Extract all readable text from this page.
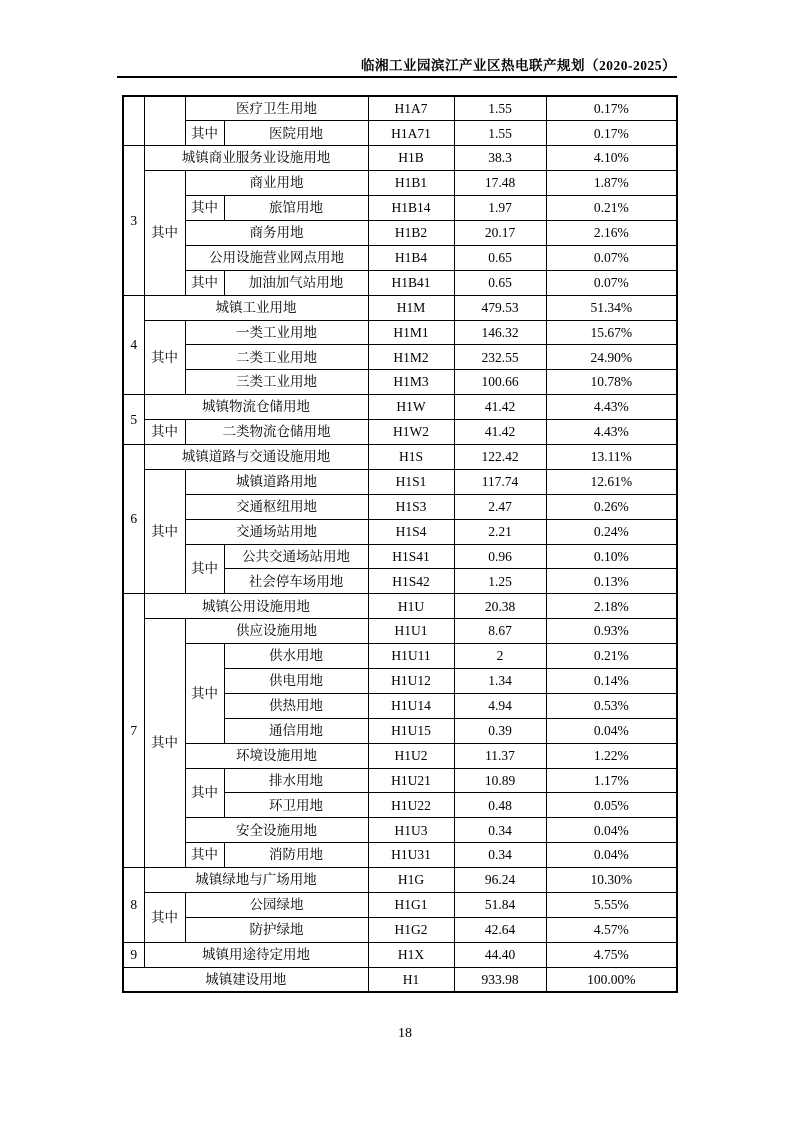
临湘工业园滨江产业区热电联产规划（2020-2025）
		医疗卫生用地		H1A7	1.55	0.17%
		其中	医院用地	H1A71	1.55	0.17%
3	城镇商业服务业设施用地			H1B	38.3	4.10%
	其中	商业用地		H1B1	17.48	1.87%
		其中	旅馆用地	H1B14	1.97	0.21%
		商务用地		H1B2	20.17	2.16%
		公用设施营业网点用地		H1B4	0.65	0.07%
		其中	加油加气站用地	H1B41	0.65	0.07%
4	城镇工业用地			H1M	479.53	51.34%
	其中	一类工业用地		H1M1	146.32	15.67%
		二类工业用地		H1M2	232.55	24.90%
		三类工业用地		H1M3	100.66	10.78%
5	城镇物流仓储用地			H1W	41.42	4.43%
	其中	二类物流仓储用地		H1W2	41.42	4.43%
6	城镇道路与交通设施用地			H1S	122.42	13.11%
	其中	城镇道路用地		H1S1	117.74	12.61%
		交通枢纽用地		H1S3	2.47	0.26%
		交通场站用地		H1S4	2.21	0.24%
		其中	公共交通场站用地	H1S41	0.96	0.10%
			社会停车场用地	H1S42	1.25	0.13%
7	城镇公用设施用地			H1U	20.38	2.18%
	其中	供应设施用地		H1U1	8.67	0.93%
		其中	供水用地	H1U11	2	0.21%
			供电用地	H1U12	1.34	0.14%
			供热用地	H1U14	4.94	0.53%
			通信用地	H1U15	0.39	0.04%
		环境设施用地		H1U2	11.37	1.22%
		其中	排水用地	H1U21	10.89	1.17%
			环卫用地	H1U22	0.48	0.05%
		安全设施用地		H1U3	0.34	0.04%
		其中	消防用地	H1U31	0.34	0.04%
8	城镇绿地与广场用地			H1G	96.24	10.30%
	其中	公园绿地		H1G1	51.84	5.55%
		防护绿地		H1G2	42.64	4.57%
9	城镇用途待定用地			H1X	44.40	4.75%
城镇建设用地				H1	933.98	100.00%
18
